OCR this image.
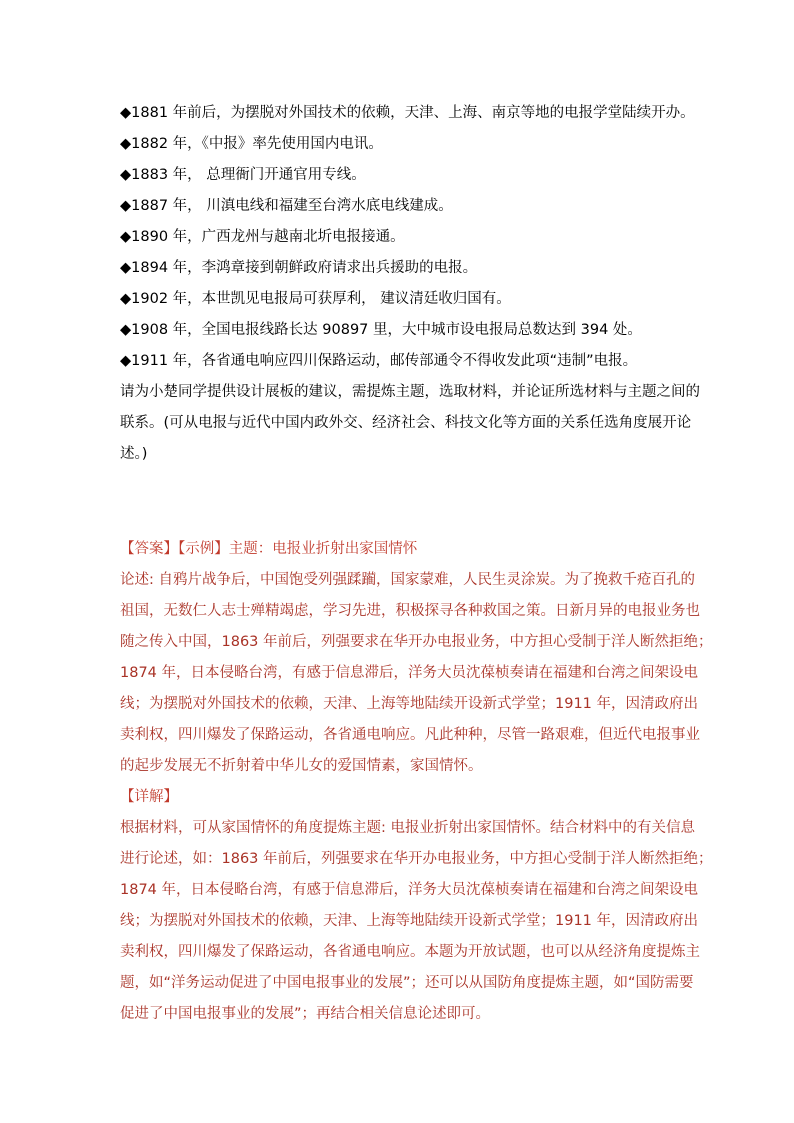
◆1881 年前后，为摆脱对外国技术的依赖，天津、上海、南京等地的电报学堂陆续开办。
◆1882 年，《中报》率先使用国内电讯。
◆1883 年， 总理衙门开通官用专线。
◆1887 年， 川滇电线和福建至台湾水底电线建成。
◆1890 年，广西龙州与越南北圻电报接通。
◆1894 年，李鸿章接到朝鲜政府请求出兵援助的电报。
◆1902 年，本世凯见电报局可获厚利， 建议清廷收归国有。
◆1908 年，全国电报线路长达 90897 里，大中城市设电报局总数达到 394 处。
◆1911 年，各省通电响应四川保路运动，邮传部通令不得收发此项“违制”电报。
请为小楚同学提供设计展板的建议，需提炼主题，选取材料，并论证所选材料与主题之间的
联系。(可从电报与近代中国内政外交、经济社会、科技文化等方面的关系任选角度展开论
述。)
【答案】【示例】主题：电报业折射出家国情怀
论述: 自鸦片战争后，中国饱受列强蹂躏，国家蒙难，人民生灵涂炭。为了挽救千疮百孔的
祖国，无数仁人志士殚精竭虑，学习先进，积极探寻各种救国之策。日新月异的电报业务也
随之传入中国，1863 年前后，列强要求在华开办电报业务，中方担心受制于洋人断然拒绝；
1874 年，日本侵略台湾，有感于信息滞后，洋务大员沈葆桢奏请在福建和台湾之间架设电
线；为摆脱对外国技术的依赖，天津、上海等地陆续开设新式学堂；1911 年，因清政府出
卖利权，四川爆发了保路运动，各省通电响应。凡此种种，尽管一路艰难，但近代电报事业
的起步发展无不折射着中华儿女的爱国情素，家国情怀。
【详解】
根据材料，可从家国情怀的角度提炼主题: 电报业折射出家国情怀。结合材料中的有关信息
进行论述，如：1863 年前后，列强要求在华开办电报业务，中方担心受制于洋人断然拒绝；
1874 年，日本侵略台湾，有感于信息滞后，洋务大员沈葆桢奏请在福建和台湾之间架设电
线；为摆脱对外国技术的依赖，天津、上海等地陆续开设新式学堂；1911 年，因清政府出
卖利权，四川爆发了保路运动，各省通电响应。本题为开放试题，也可以从经济角度提炼主
题，如“洋务运动促进了中国电报事业的发展”；还可以从国防角度提炼主题，如“国防需要
促进了中国电报事业的发展”；再结合相关信息论述即可。
